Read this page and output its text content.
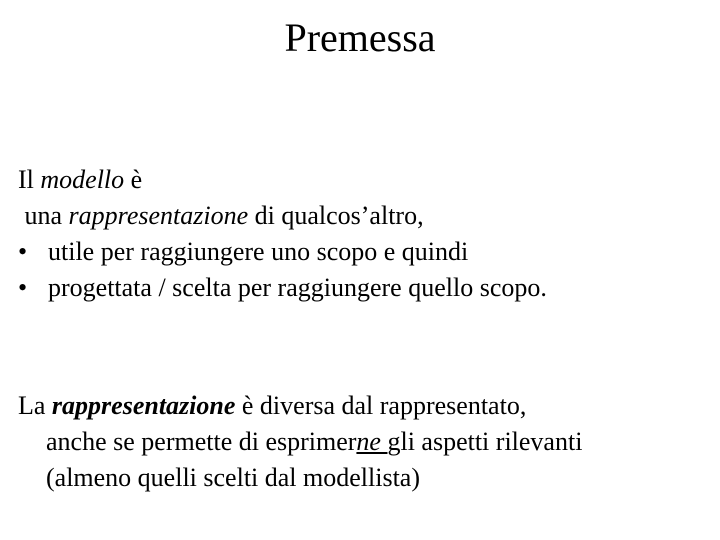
Premessa
Il modello è
una rappresentazione di qualcos’altro,
• utile per raggiungere uno scopo e quindi
• progettata / scelta per raggiungere quello scopo.
La rappresentazione è diversa dal rappresentato,
anche se permette di esprimerne gli aspetti rilevanti
(almeno quelli scelti dal modellista)
